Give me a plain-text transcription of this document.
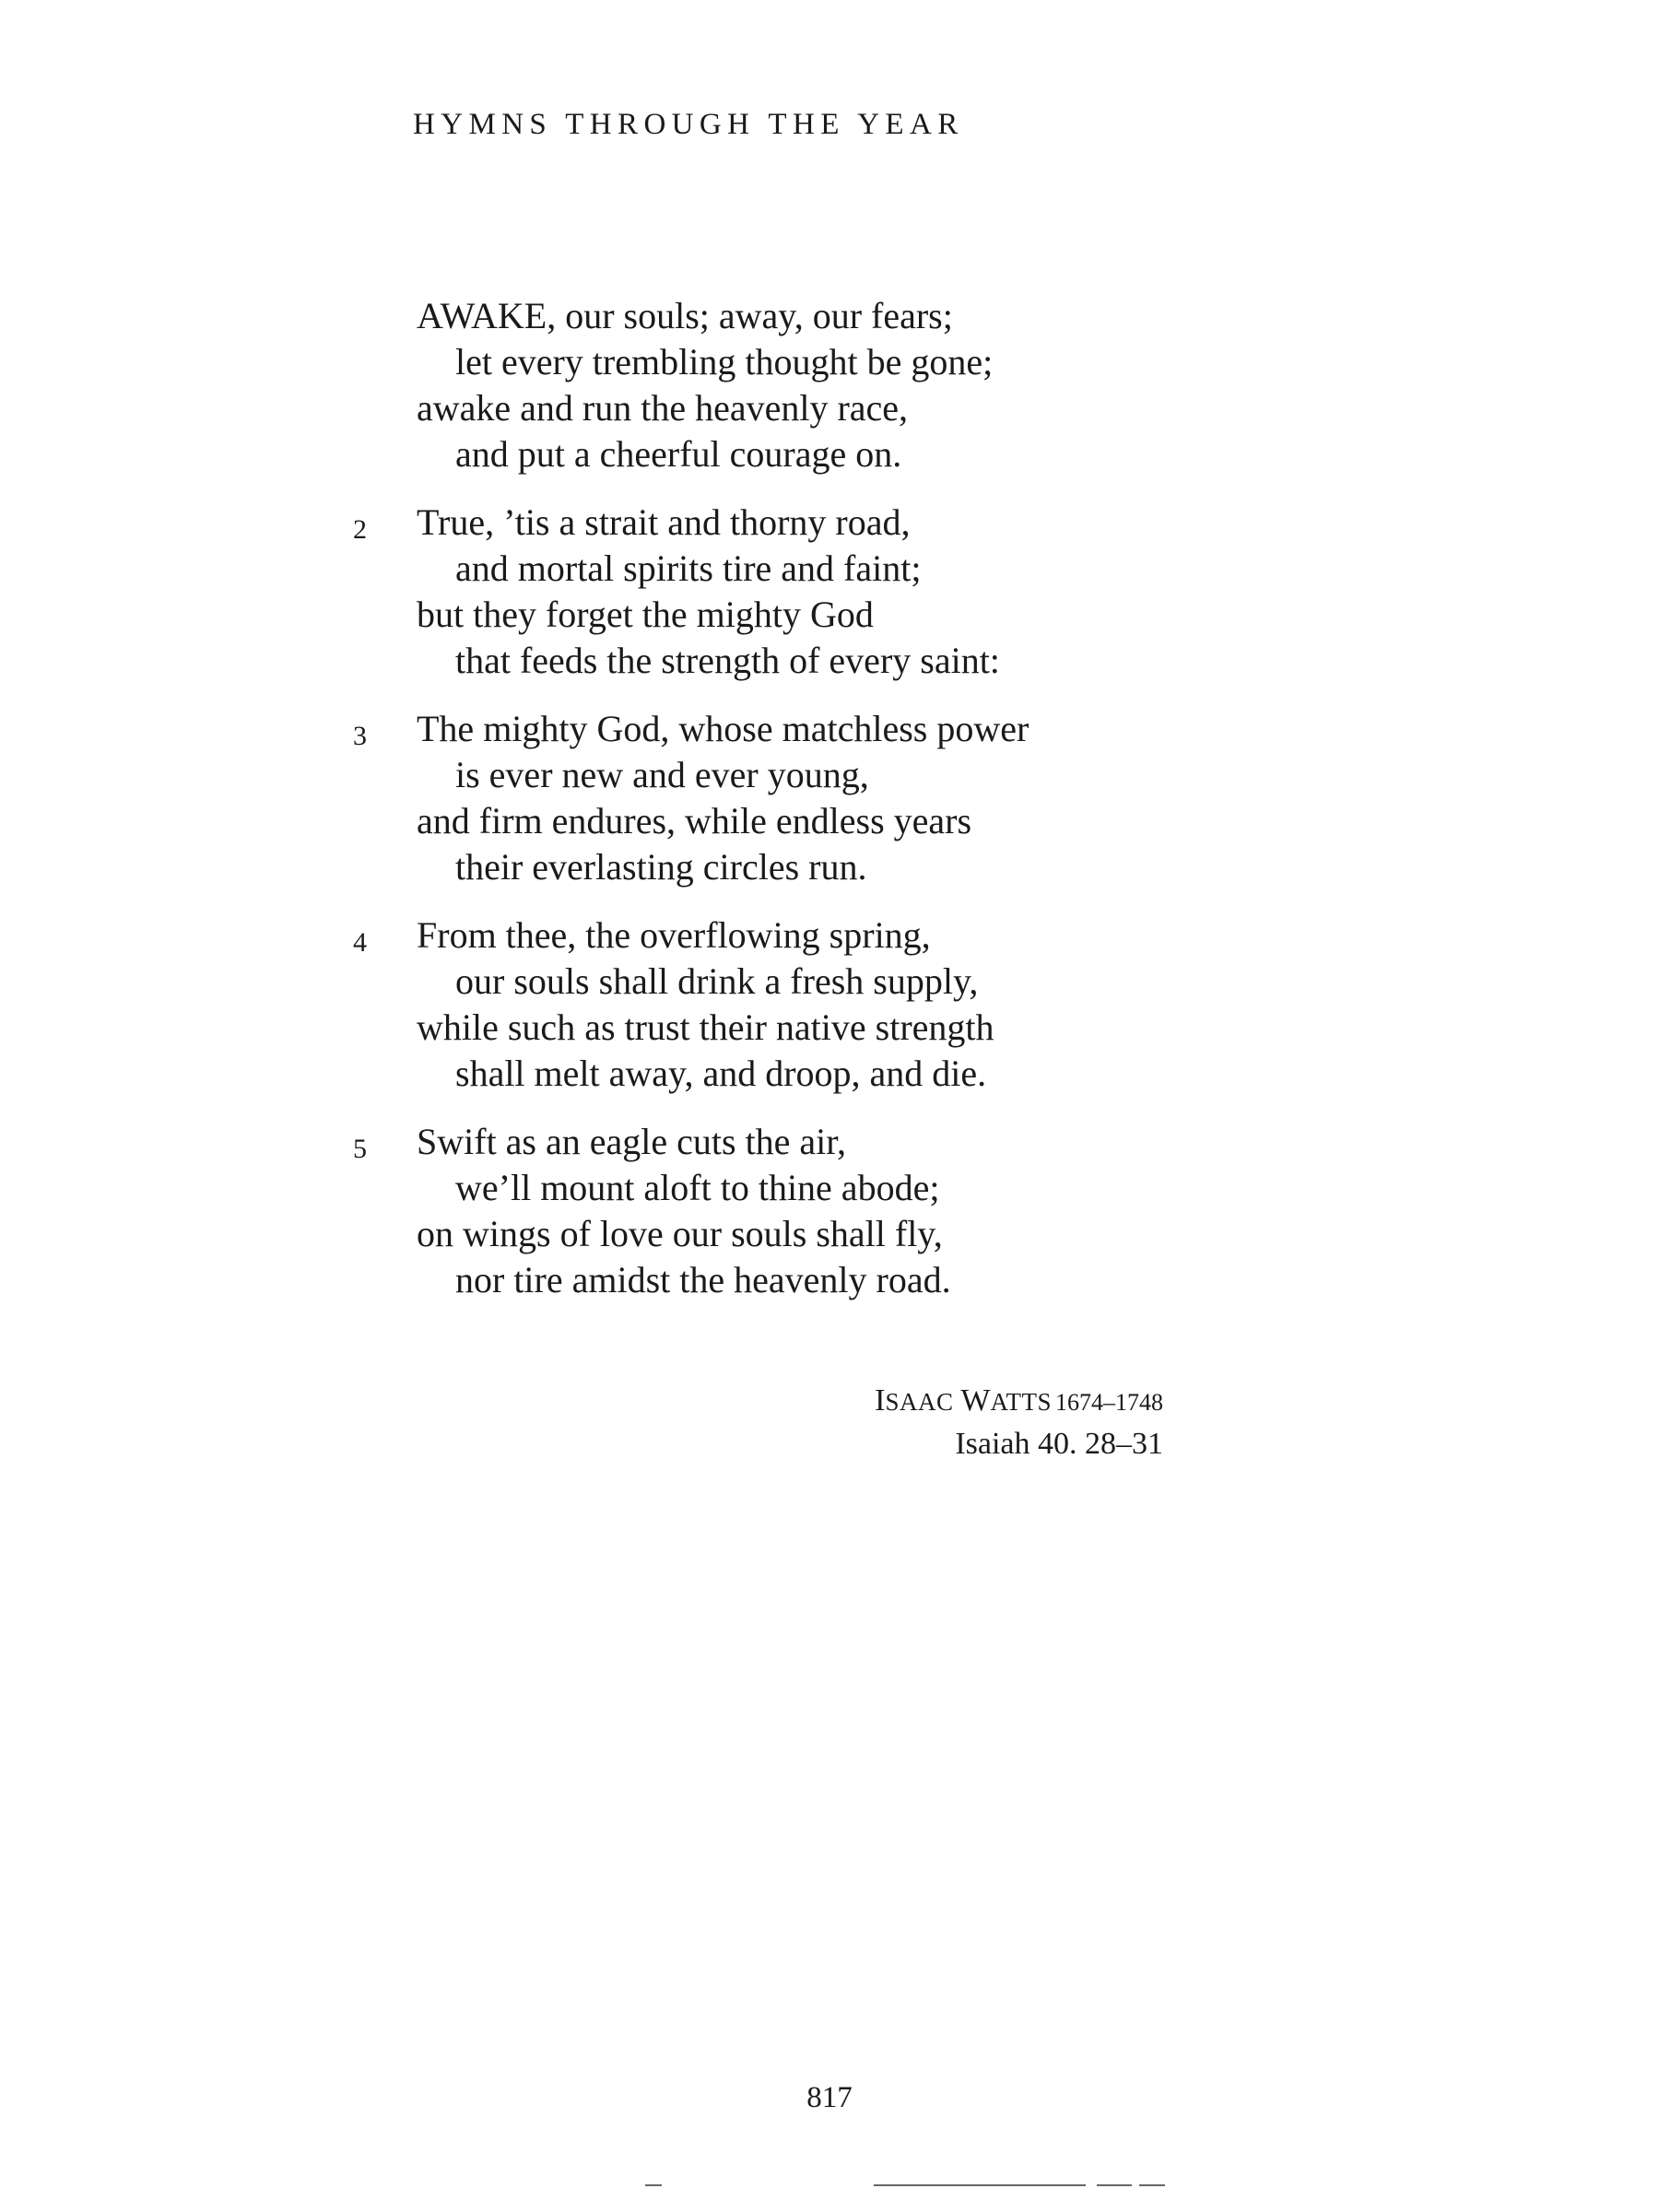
HYMNS THROUGH THE YEAR
AWAKE, our souls; away, our fears;
let every trembling thought be gone;
awake and run the heavenly race,
and put a cheerful courage on.
2	True, ’tis a strait and thorny road,
and mortal spirits tire and faint;
but they forget the mighty God
that feeds the strength of every saint:
3	The mighty God, whose matchless power
is ever new and ever young,
and firm endures, while endless years
their everlasting circles run.
4	From thee, the overflowing spring,
our souls shall drink a fresh supply,
while such as trust their native strength
shall melt away, and droop, and die.
5	Swift as an eagle cuts the air,
we’ll mount aloft to thine abode;
on wings of love our souls shall fly,
nor tire amidst the heavenly road.
ISAAC WATTS 1674–1748
Isaiah 40. 28–31
817
